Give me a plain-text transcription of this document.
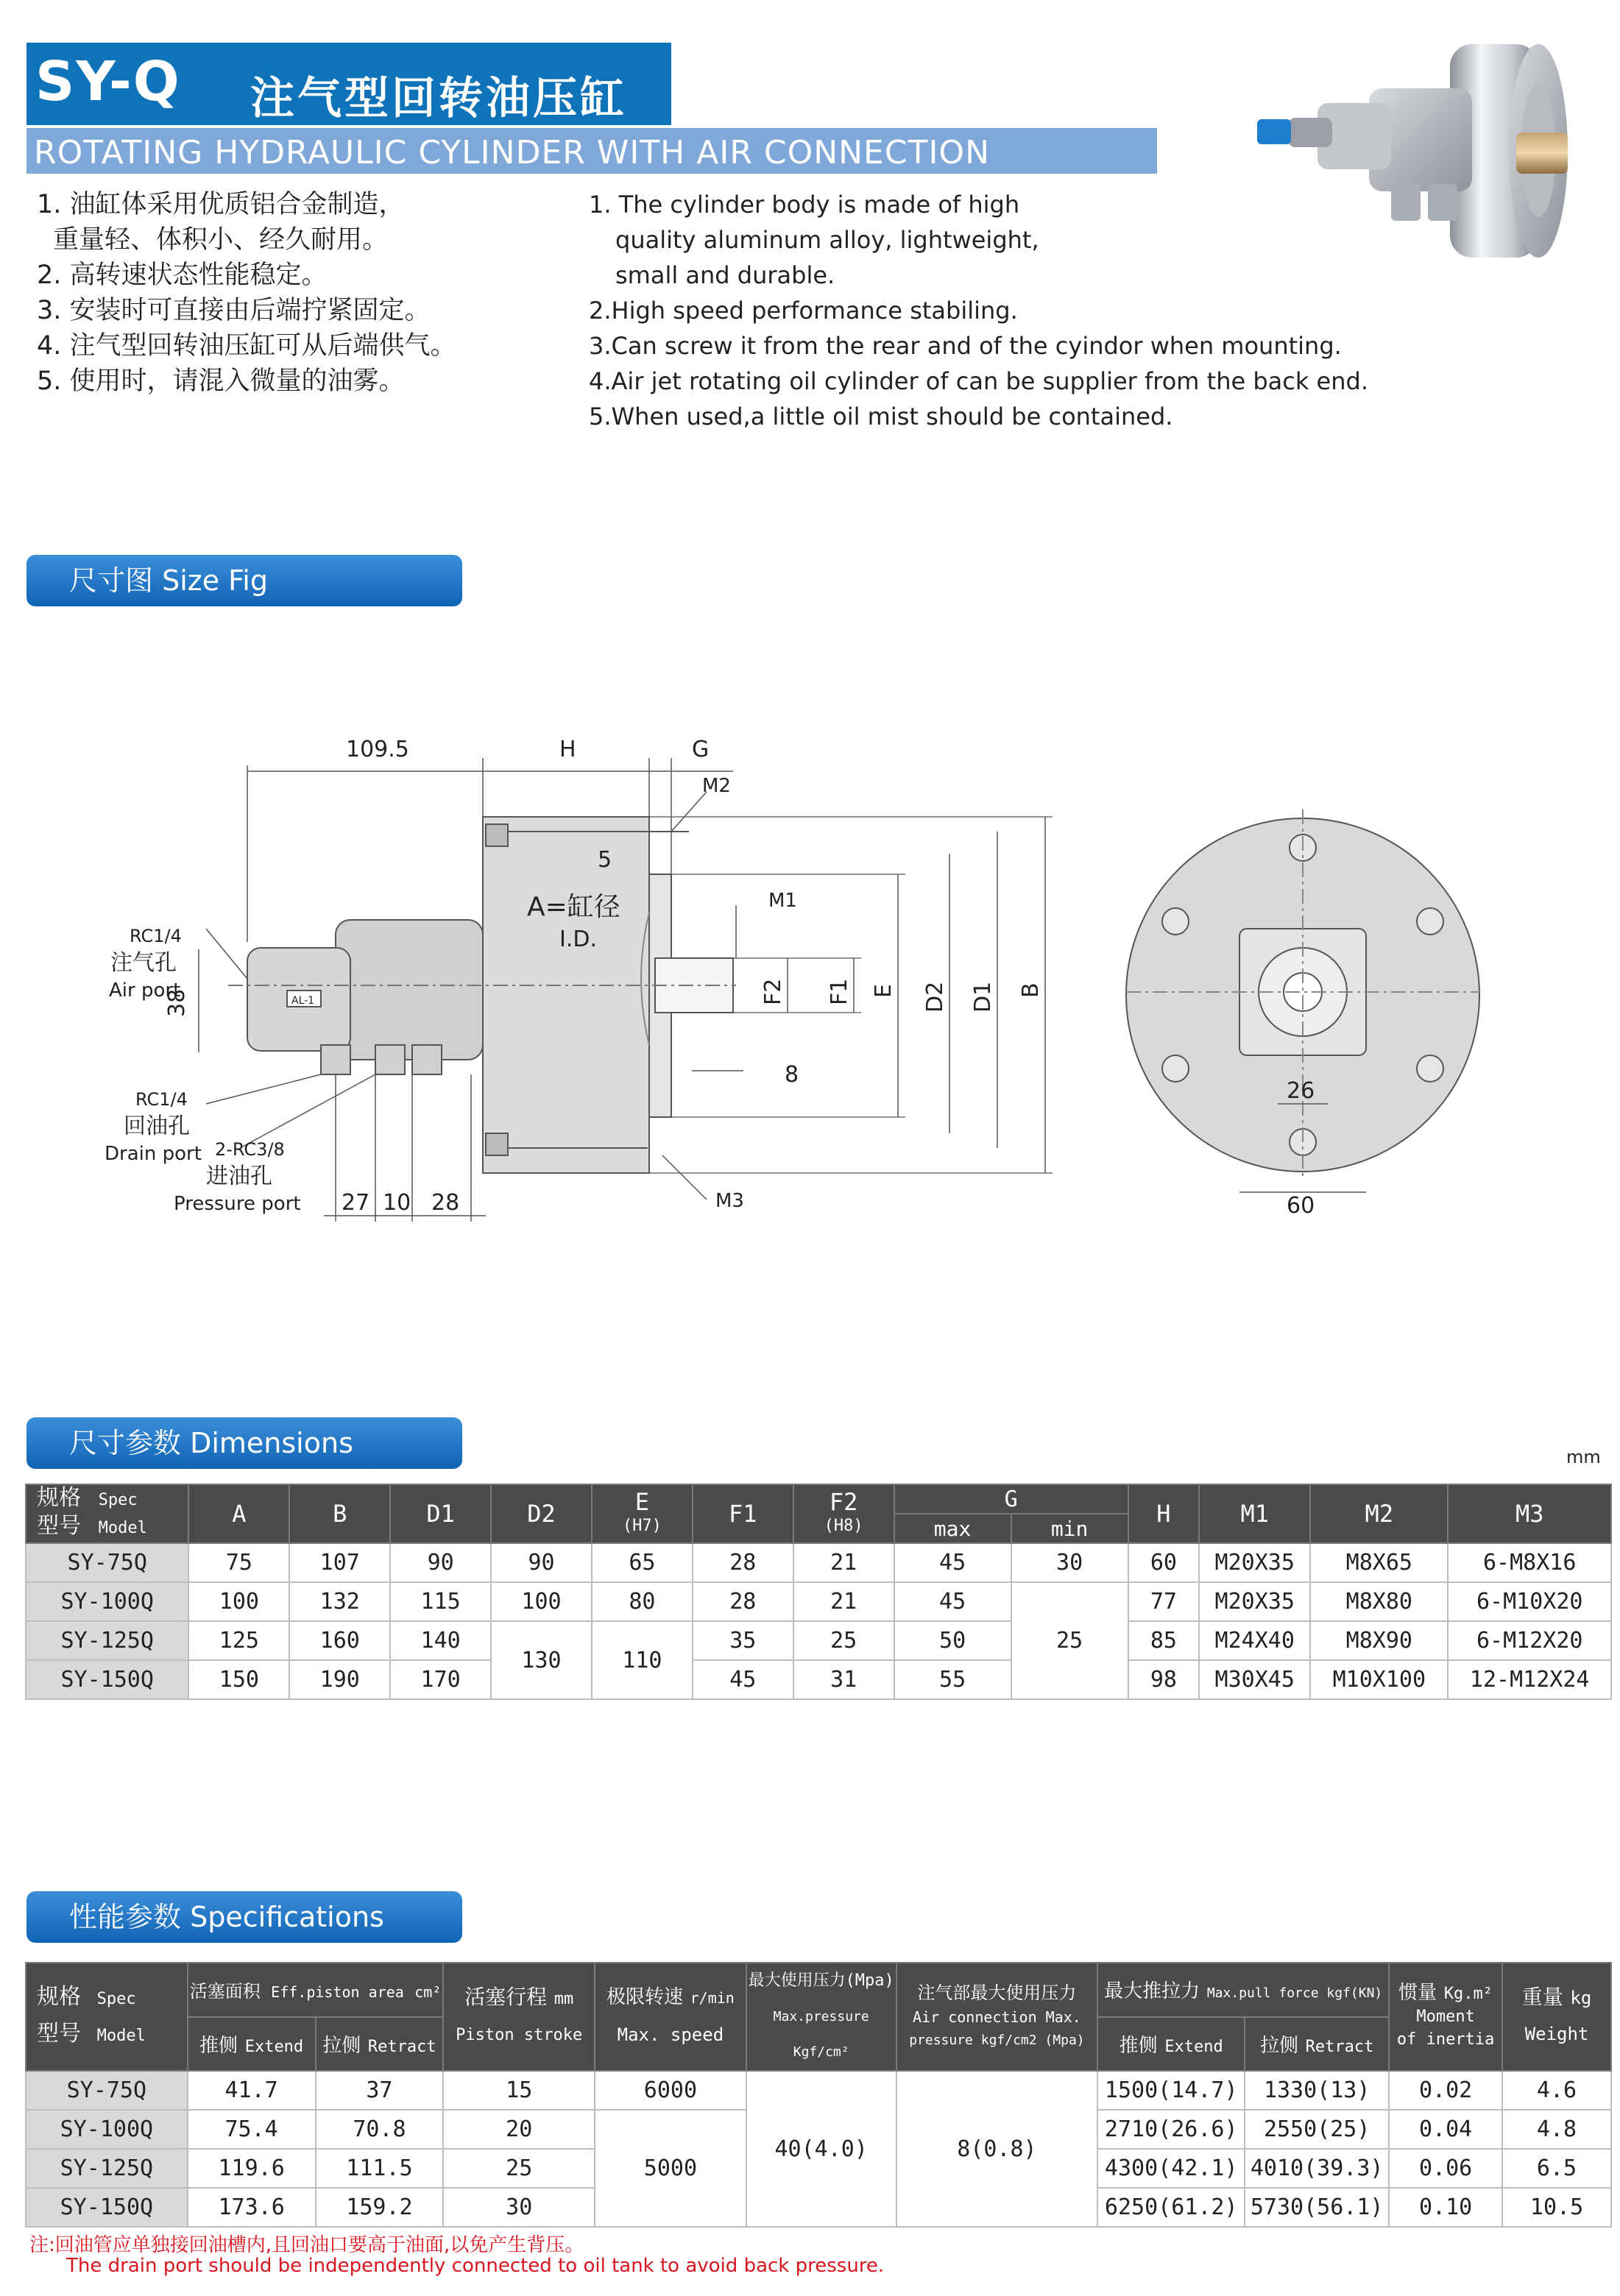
SY-Q 注气型回转油压缸
ROTATING HYDRAULIC CYLINDER WITH AIR CONNECTION
1. 油缸体采用优质铝合金制造，
重量轻、体积小、经久耐用。
2. 高转速状态性能稳定。
3. 安装时可直接由后端拧紧固定。
4. 注气型回转油压缸可从后端供气。
5. 使用时，请混入微量的油雾。
1. The cylinder body is made of high
quality aluminum alloy, lightweight,
small and durable.
2.High speed performance stabiling.
3.Can screw it from the rear and of the cyindor when mounting.
4.Air jet rotating oil cylinder of can be supplier from the back end.
5.When used,a little oil mist should be contained.
尺寸图 Size Fig
109.5	H	G
M2
5
A=缸径
I.D.
M1
F2 F1 E D2 D1 B
8
RC1/4
注气孔
Air port
38
RC1/4
回油孔
Drain port 2-RC3/8
进油孔
Pressure port 27 10 28	M3
26
60
AL-1
尺寸参数 Dimensions	mm
规格 Spec
型号 Model	A	B	D1	D2	E
(H7)	F1	F2
(H8)	G		H	M1	M2	M3
								max	min				
SY-75Q	75	107	90	90	65	28	21	45	30	60	M20X35	M8X65	6-M8X16
SY-100Q	100	132	115	100	80	28	21	45	25	77	M20X35	M8X80	6-M10X20
SY-125Q	125	160	140	130	110	35	25	50		85	M24X40	M8X90	6-M12X20
SY-150Q	150	190	170			45	31	55		98	M30X45	M10X100	12-M12X24
性能参数 Specifications
规格 Spec
型号 Model	活塞面积 Eff.piston area cm²		活塞行程 mm
Piston stroke	极限转速 r/min
Max. speed	最大使用压力(Mpa)
Max.pressure Kgf/cm²	注气部最大使用压力
Air connection Max.
pressure kgf/cm2 (Mpa)	最大推拉力 Max.pull force kgf(KN)		惯量 Kg.m²
Moment
of inertia	重量 kg
Weight
	推侧 Extend	拉侧 Retract					推侧 Extend	拉侧 Retract		
SY-75Q	41.7	37	15	6000	40(4.0)	8(0.8)	1500(14.7)	1330(13)	0.02	4.6
SY-100Q	75.4	70.8	20	5000			2710(26.6)	2550(25)	0.04	4.8
SY-125Q	119.6	111.5	25				4300(42.1)	4010(39.3)	0.06	6.5
SY-150Q	173.6	159.2	30				6250(61.2)	5730(56.1)	0.10	10.5
注:回油管应单独接回油槽内,且回油口要高于油面,以免产生背压。
The drain port should be independently connected to oil tank to avoid back pressure.
